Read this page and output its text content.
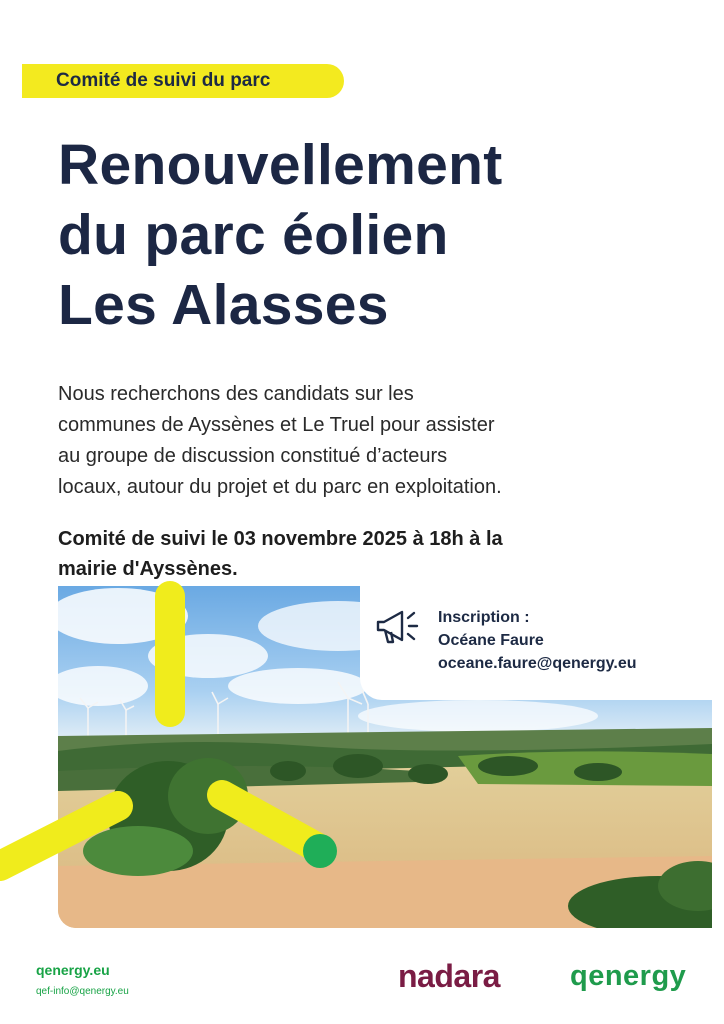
Comité de suivi du parc
Renouvellement
du parc éolien
Les Alasses
Nous recherchons des candidats sur les
communes de Ayssènes et Le Truel pour assister
au groupe de discussion constitué d’acteurs
locaux, autour du projet et du parc en exploitation.
Comité de suivi le 03 novembre 2025 à 18h à la
mairie d'Ayssènes.
Inscription :
Océane Faure
oceane.faure@qenergy.eu
qenergy.eu
qef-info@qenergy.eu	nadara qenergy
